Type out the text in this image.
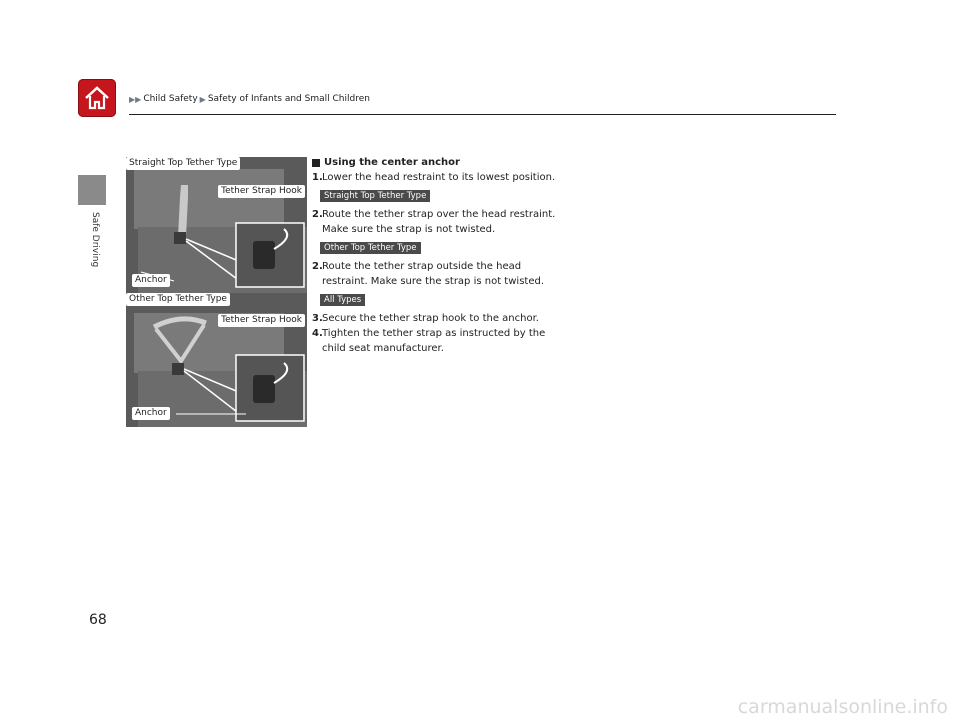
▶▶ Child Safety ▶ Safety of Infants and Small Children
Safe Driving
Straight Top Tether Type
Tether Strap Hook
Anchor
Other Top Tether Type
Tether Strap Hook
Anchor
Using the center anchor
1. Lower the head restraint to its lowest position.
Straight Top Tether Type
2. Route the tether strap over the head restraint. Make sure the strap is not twisted.
Other Top Tether Type
2. Route the tether strap outside the head restraint. Make sure the strap is not twisted.
All Types
3. Secure the tether strap hook to the anchor.
4. Tighten the tether strap as instructed by the child seat manufacturer.
68
carmanualsonline.info
